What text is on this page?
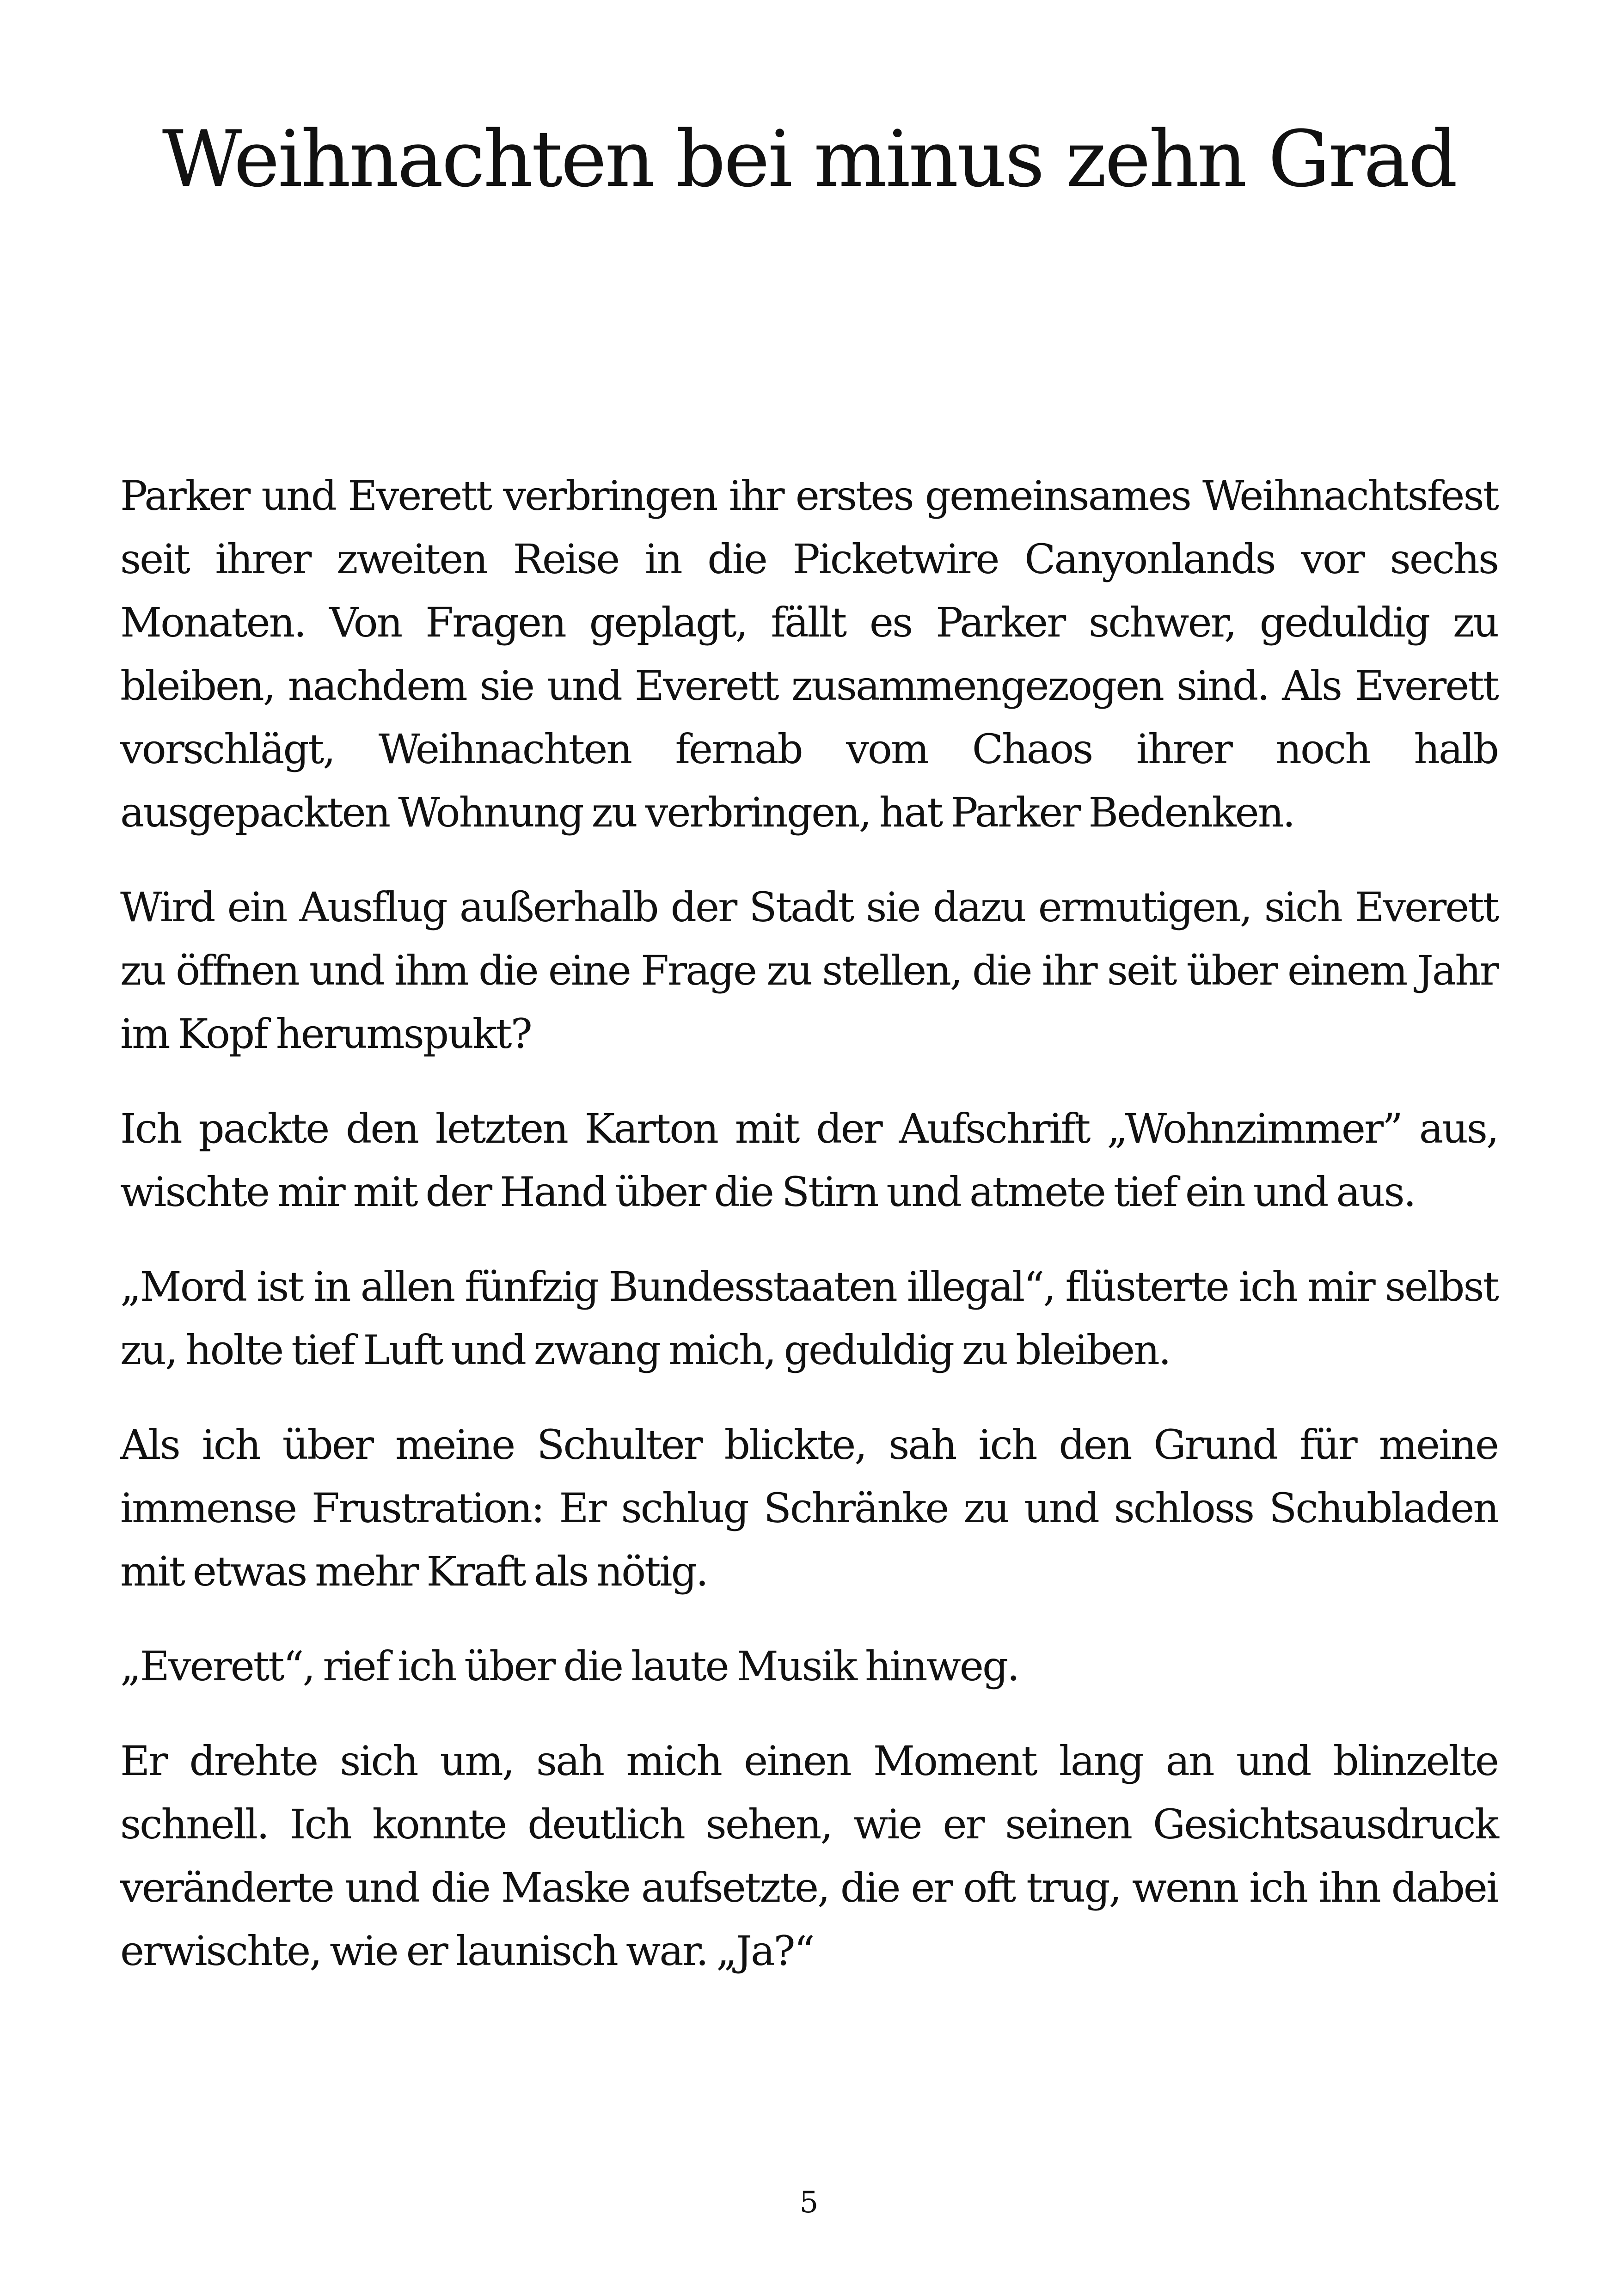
Weihnachten bei minus zehn Grad

Parker und Everett verbringen ihr erstes gemeinsames Weihnachtsfest seit ihrer zweiten Reise in die Picketwire Canyonlands vor sechs Monaten. Von Fragen geplagt, fällt es Parker schwer, geduldig zu bleiben, nachdem sie und Everett zusammengezogen sind. Als Everett vorschlägt, Weihnachten fernab vom Chaos ihrer noch halb ausgepackten Wohnung zu verbringen, hat Parker Bedenken.

Wird ein Ausflug außerhalb der Stadt sie dazu ermutigen, sich Everett zu öffnen und ihm die eine Frage zu stellen, die ihr seit über einem Jahr im Kopf herumspukt?

Ich packte den letzten Karton mit der Aufschrift „Wohnzimmer” aus, wischte mir mit der Hand über die Stirn und atmete tief ein und aus.

„Mord ist in allen fünfzig Bundesstaaten illegal“, flüsterte ich mir selbst zu, holte tief Luft und zwang mich, geduldig zu bleiben.

Als ich über meine Schulter blickte, sah ich den Grund für meine immense Frustration: Er schlug Schränke zu und schloss Schubladen mit etwas mehr Kraft als nötig.

„Everett“, rief ich über die laute Musik hinweg.

Er drehte sich um, sah mich einen Moment lang an und blinzelte schnell. Ich konnte deutlich sehen, wie er seinen Gesichtsausdruck veränderte und die Maske aufsetzte, die er oft trug, wenn ich ihn dabei erwischte, wie er launisch war. „Ja?“

5
